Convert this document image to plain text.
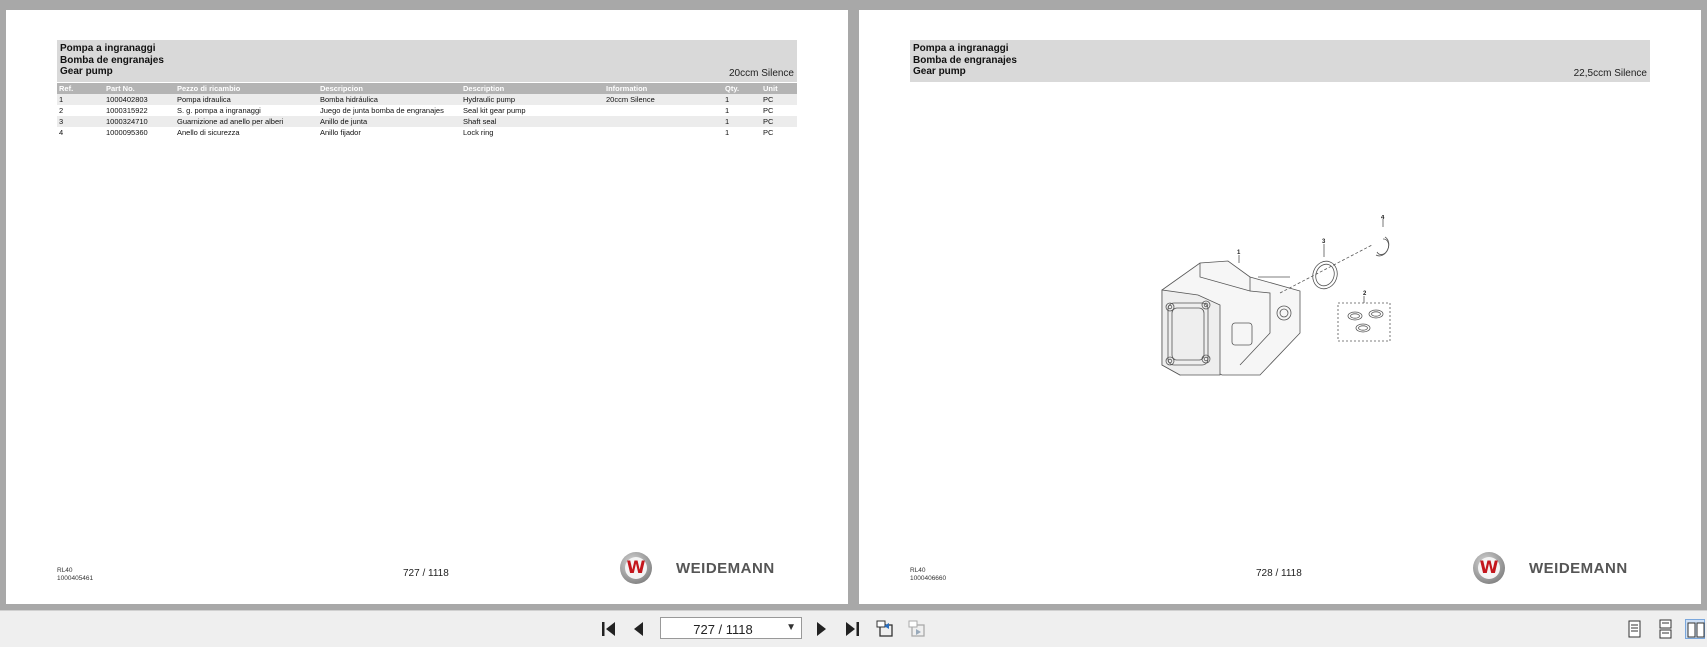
Pompa a ingranaggi
Bomba de engranajes
Gear pump	20ccm Silence
Ref.	Part No.	Pezzo di ricambio	Descripcion	Description	Information	Qty.	Unit
1	1000402803	Pompa idraulica	Bomba hidráulica	Hydraulic pump	20ccm Silence	1	PC
2	1000315922	S. g. pompa a ingranaggi	Juego de junta bomba de engranajes	Seal kit gear pump		1	PC
3	1000324710	Guarnizione ad anello per alberi	Anillo de junta	Shaft seal		1	PC
4	1000095360	Anello di sicurezza	Anillo fijador	Lock ring		1	PC
RL40
1000405461	727 / 1118	W WEIDEMANN
Pompa a ingranaggi
Bomba de engranajes
Gear pump	22,5ccm Silence
RL40
1000406660	728 / 1118	W WEIDEMANN
1
2
3
4
727 / 1118
▼
